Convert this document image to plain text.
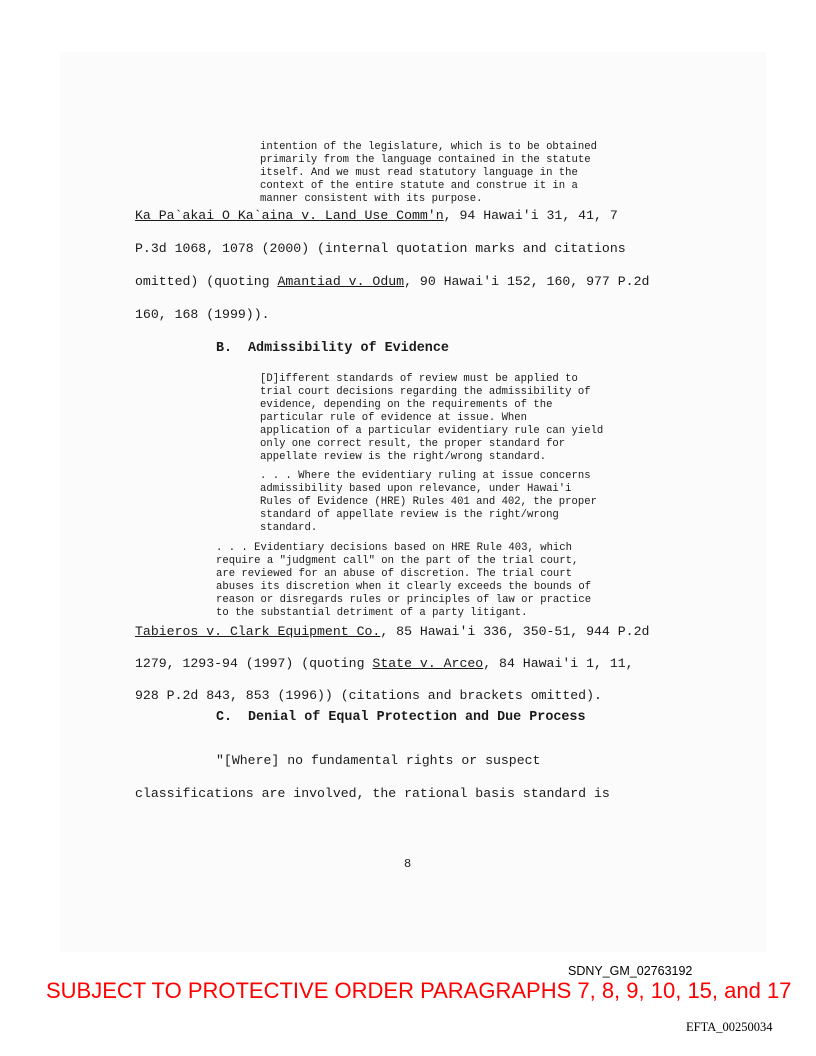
intention of the legislature, which is to be obtained
primarily from the language contained in the statute
itself. And we must read statutory language in the
context of the entire statute and construe it in a
manner consistent with its purpose.
Ka Pa`akai O Ka`aina v. Land Use Comm'n, 94 Hawai'i 31, 41, 7
P.3d 1068, 1078 (2000) (internal quotation marks and citations
omitted) (quoting Amantiad v. Odum, 90 Hawai'i 152, 160, 977 P.2d
160, 168 (1999)).
B. Admissibility of Evidence
[D]ifferent standards of review must be applied to
trial court decisions regarding the admissibility of
evidence, depending on the requirements of the
particular rule of evidence at issue. When
application of a particular evidentiary rule can yield
only one correct result, the proper standard for
appellate review is the right/wrong standard.
. . . Where the evidentiary ruling at issue concerns
admissibility based upon relevance, under Hawai'i
Rules of Evidence (HRE) Rules 401 and 402, the proper
standard of appellate review is the right/wrong
standard.
. . . Evidentiary decisions based on HRE Rule 403, which
require a "judgment call" on the part of the trial court,
are reviewed for an abuse of discretion. The trial court
abuses its discretion when it clearly exceeds the bounds of
reason or disregards rules or principles of law or practice
to the substantial detriment of a party litigant.
Tabieros v. Clark Equipment Co., 85 Hawai'i 336, 350-51, 944 P.2d
1279, 1293-94 (1997) (quoting State v. Arceo, 84 Hawai'i 1, 11,
928 P.2d 843, 853 (1996)) (citations and brackets omitted).
C. Denial of Equal Protection and Due Process
"[Where] no fundamental rights or suspect
classifications are involved, the rational basis standard is
8
SDNY_GM_02763192
SUBJECT TO PROTECTIVE ORDER PARAGRAPHS 7, 8, 9, 10, 15, and 17
EFTA_00250034
